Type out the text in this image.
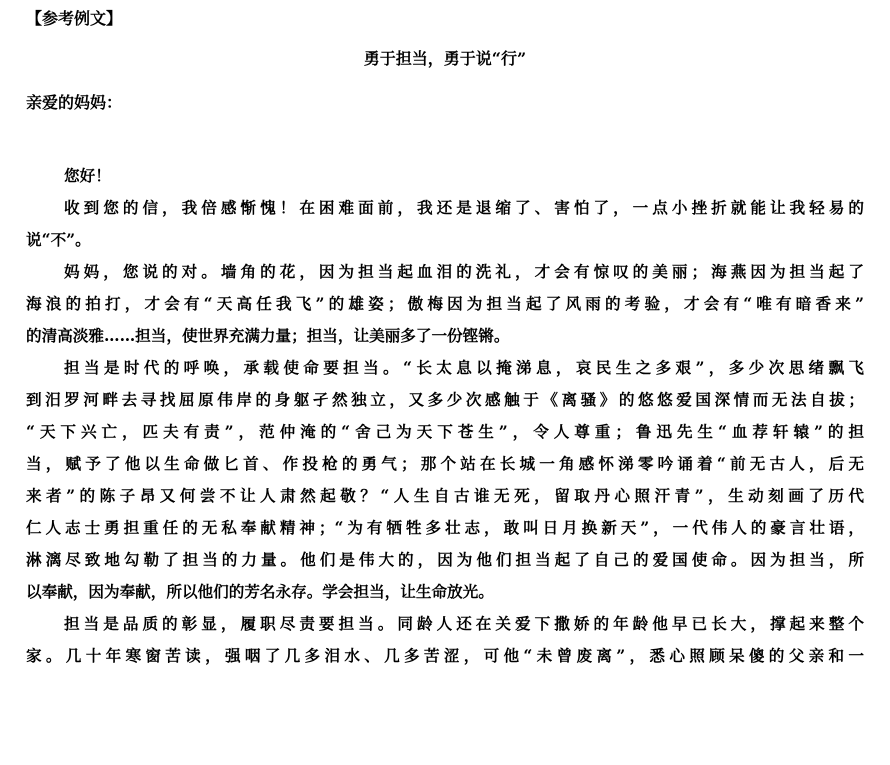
【参考例文】
勇于担当，勇于说“行”
亲爱的妈妈：
您好！
收到您的信，我倍感惭愧！在困难面前，我还是退缩了、害怕了，一点小挫折就能让我轻易的
说“不”。
妈妈，您说的对。墙角的花，因为担当起血泪的洗礼，才会有惊叹的美丽；海燕因为担当起了
海浪的拍打，才会有“天高任我飞”的雄姿；傲梅因为担当起了风雨的考验，才会有“唯有暗香来”
的清高淡雅……担当，使世界充满力量；担当，让美丽多了一份铿锵。
担当是时代的呼唤，承载使命要担当。“长太息以掩涕息，哀民生之多艰”，多少次思绪飘飞
到汨罗河畔去寻找屈原伟岸的身躯孑然独立，又多少次感触于《离骚》的悠悠爱国深情而无法自拔；
“天下兴亡，匹夫有责”，范仲淹的“舍己为天下苍生”，令人尊重；鲁迅先生“血荐轩辕”的担
当，赋予了他以生命做匕首、作投枪的勇气；那个站在长城一角感怀涕零吟诵着“前无古人，后无
来者”的陈子昂又何尝不让人肃然起敬？“人生自古谁无死，留取丹心照汗青”，生动刻画了历代
仁人志士勇担重任的无私奉献精神；“为有牺牲多壮志，敢叫日月换新天”，一代伟人的豪言壮语，
淋漓尽致地勾勒了担当的力量。他们是伟大的，因为他们担当起了自己的爱国使命。因为担当，所
以奉献，因为奉献，所以他们的芳名永存。学会担当，让生命放光。
担当是品质的彰显，履职尽责要担当。同龄人还在关爱下撒娇的年龄他早已长大，撑起来整个
家。几十年寒窗苦读，强咽了几多泪水、几多苦涩，可他“未曾废离”，悉心照顾呆傻的父亲和一
